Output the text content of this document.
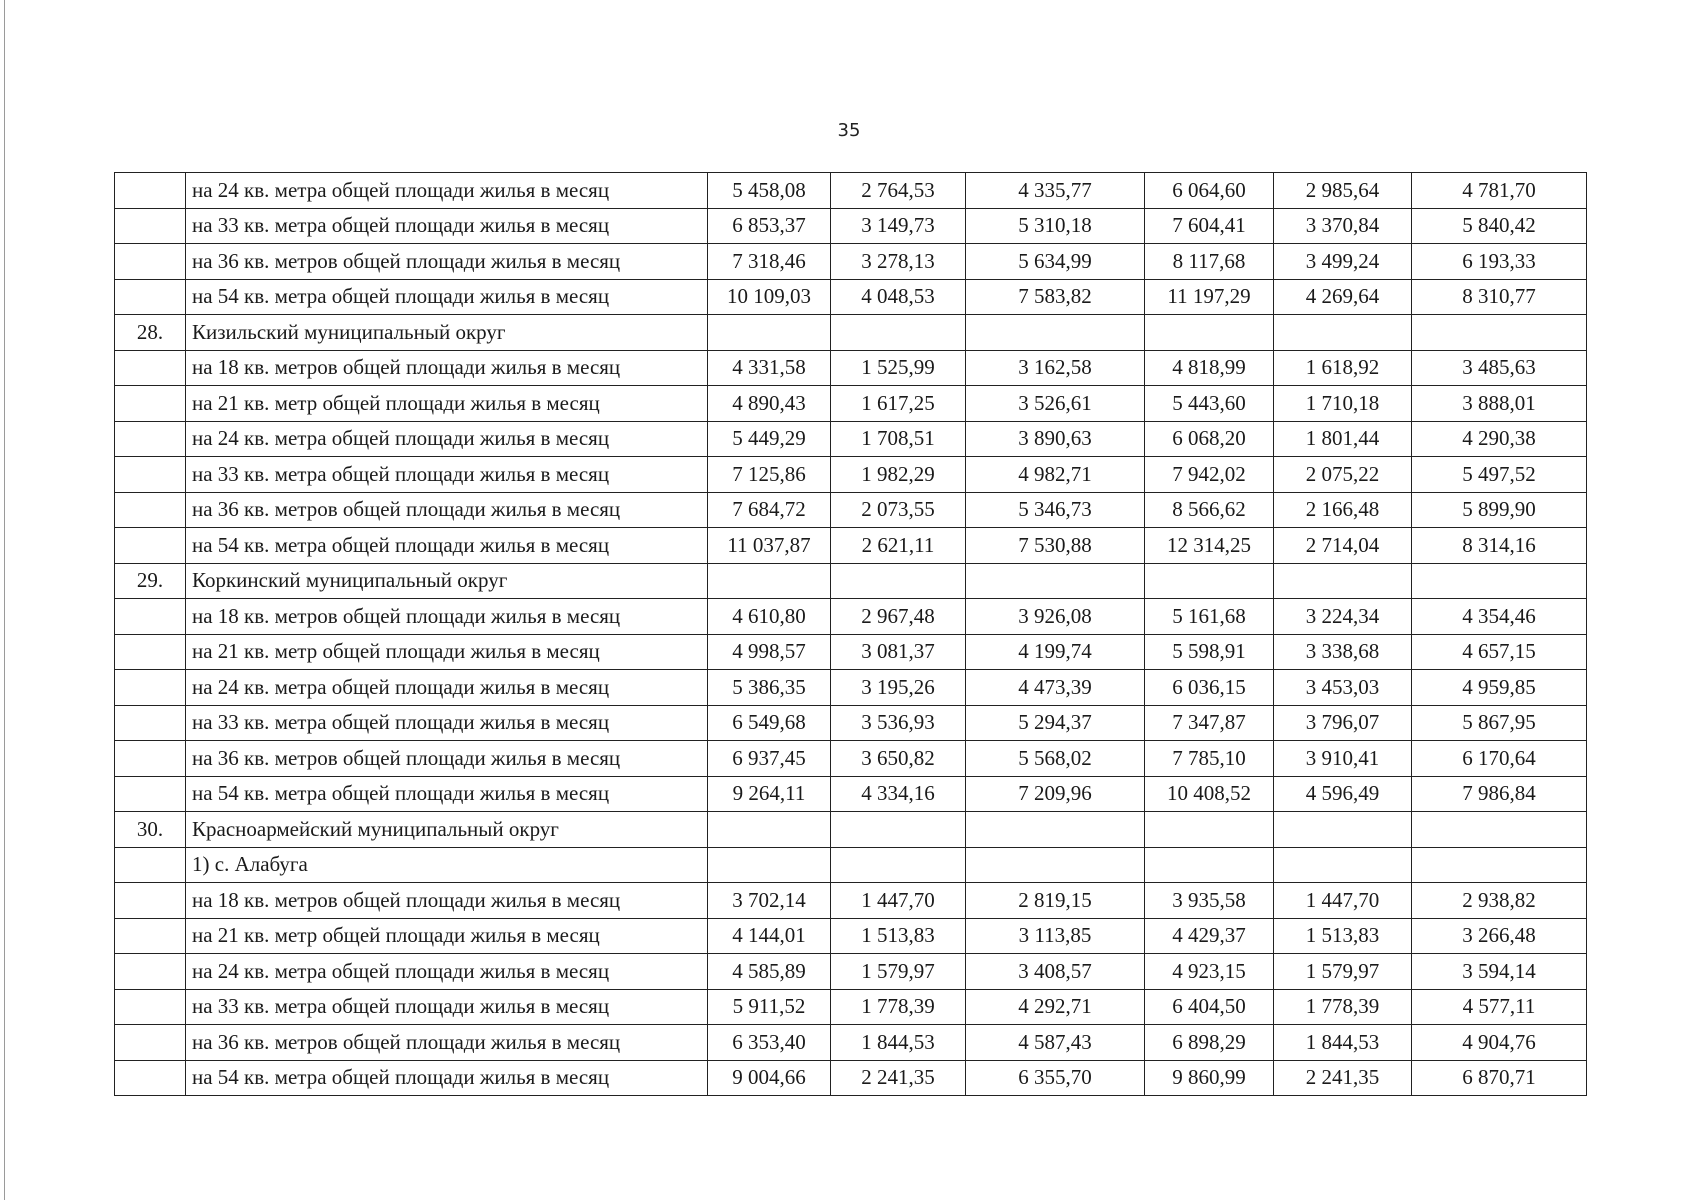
35
	на 24 кв. метра общей площади жилья в месяц	5 458,08	2 764,53	4 335,77	6 064,60	2 985,64	4 781,70
	на 33 кв. метра общей площади жилья в месяц	6 853,37	3 149,73	5 310,18	7 604,41	3 370,84	5 840,42
	на 36 кв. метров общей площади жилья в месяц	7 318,46	3 278,13	5 634,99	8 117,68	3 499,24	6 193,33
	на 54 кв. метра общей площади жилья в месяц	10 109,03	4 048,53	7 583,82	11 197,29	4 269,64	8 310,77
28.	Кизильский муниципальный округ						
	на 18 кв. метров общей площади жилья в месяц	4 331,58	1 525,99	3 162,58	4 818,99	1 618,92	3 485,63
	на 21 кв. метр общей площади жилья в месяц	4 890,43	1 617,25	3 526,61	5 443,60	1 710,18	3 888,01
	на 24 кв. метра общей площади жилья в месяц	5 449,29	1 708,51	3 890,63	6 068,20	1 801,44	4 290,38
	на 33 кв. метра общей площади жилья в месяц	7 125,86	1 982,29	4 982,71	7 942,02	2 075,22	5 497,52
	на 36 кв. метров общей площади жилья в месяц	7 684,72	2 073,55	5 346,73	8 566,62	2 166,48	5 899,90
	на 54 кв. метра общей площади жилья в месяц	11 037,87	2 621,11	7 530,88	12 314,25	2 714,04	8 314,16
29.	Коркинский муниципальный округ						
	на 18 кв. метров общей площади жилья в месяц	4 610,80	2 967,48	3 926,08	5 161,68	3 224,34	4 354,46
	на 21 кв. метр общей площади жилья в месяц	4 998,57	3 081,37	4 199,74	5 598,91	3 338,68	4 657,15
	на 24 кв. метра общей площади жилья в месяц	5 386,35	3 195,26	4 473,39	6 036,15	3 453,03	4 959,85
	на 33 кв. метра общей площади жилья в месяц	6 549,68	3 536,93	5 294,37	7 347,87	3 796,07	5 867,95
	на 36 кв. метров общей площади жилья в месяц	6 937,45	3 650,82	5 568,02	7 785,10	3 910,41	6 170,64
	на 54 кв. метра общей площади жилья в месяц	9 264,11	4 334,16	7 209,96	10 408,52	4 596,49	7 986,84
30.	Красноармейский муниципальный округ						
	1) с. Алабуга						
	на 18 кв. метров общей площади жилья в месяц	3 702,14	1 447,70	2 819,15	3 935,58	1 447,70	2 938,82
	на 21 кв. метр общей площади жилья в месяц	4 144,01	1 513,83	3 113,85	4 429,37	1 513,83	3 266,48
	на 24 кв. метра общей площади жилья в месяц	4 585,89	1 579,97	3 408,57	4 923,15	1 579,97	3 594,14
	на 33 кв. метра общей площади жилья в месяц	5 911,52	1 778,39	4 292,71	6 404,50	1 778,39	4 577,11
	на 36 кв. метров общей площади жилья в месяц	6 353,40	1 844,53	4 587,43	6 898,29	1 844,53	4 904,76
	на 54 кв. метра общей площади жилья в месяц	9 004,66	2 241,35	6 355,70	9 860,99	2 241,35	6 870,71
